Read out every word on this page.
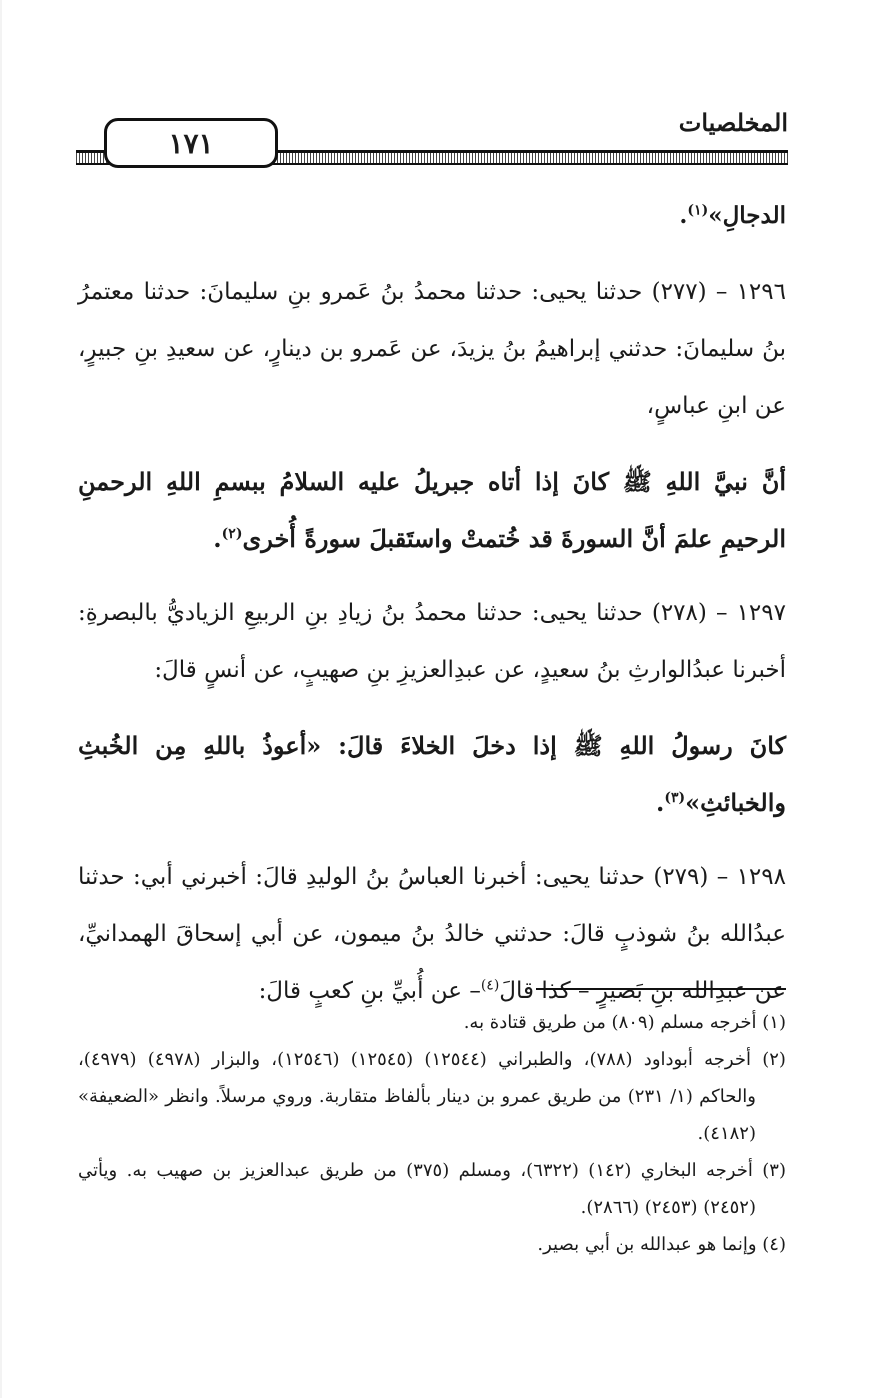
المخلصيات
١٧١

الدجالِ»$^{(١)}$.

١٢٩٦ – (٢٧٧) حدثنا يحيى: حدثنا محمدُ بنُ عَمرو بنِ سليمانَ: حدثنا معتمرُ بنُ سليمانَ: حدثني إبراهيمُ بنُ يزيدَ، عن عَمرو بن دينارٍ، عن سعيدِ بنِ جبيرٍ، عن ابنِ عباسٍ،

أنَّ نبيَّ اللهِ ﷺ كانَ إذا أتاه جبريلُ عليه السلامُ ببسمِ اللهِ الرحمنِ الرحيمِ علمَ أنَّ السورةَ قد خُتمتْ واستَقبلَ سورةً أُخرى$^{(٢)}$.

١٢٩٧ – (٢٧٨) حدثنا يحيى: حدثنا محمدُ بنُ زيادِ بنِ الربيعِ الزياديُّ بالبصرةِ: أخبرنا عبدُالوارثِ بنُ سعيدٍ، عن عبدِالعزيزِ بنِ صهيبٍ، عن أنسٍ قالَ:

كانَ رسولُ اللهِ ﷺ إذا دخلَ الخلاءَ قالَ: «أعوذُ باللهِ مِن الخُبثِ والخبائثِ»$^{(٣)}$.

١٢٩٨ – (٢٧٩) حدثنا يحيى: أخبرنا العباسُ بنُ الوليدِ قالَ: أخبرني أبي: حدثنا عبدُالله بنُ شوذبٍ قالَ: حدثني خالدُ بنُ ميمون، عن أبي إسحاقَ الهمدانيِّ، عن عبدِالله بنِ بَصيرٍ – كذا قالَ$^{(٤)}$– عن أُبيِّ بنِ كعبٍ قالَ:

(١) أخرجه مسلم (٨٠٩) من طريق قتادة به.

(٢) أخرجه أبوداود (٧٨٨)، والطبراني (١٢٥٤٤) (١٢٥٤٥) (١٢٥٤٦)، والبزار (٤٩٧٨) (٤٩٧٩)، والحاكم (١/ ٢٣١) من طريق عمرو بن دينار بألفاظ متقاربة. وروي مرسلاً. وانظر «الضعيفة» (٤١٨٢).

(٣) أخرجه البخاري (١٤٢) (٦٣٢٢)، ومسلم (٣٧٥) من طريق عبدالعزيز بن صهيب به. ويأتي (٢٤٥٢) (٢٤٥٣) (٢٨٦٦).

(٤) وإنما هو عبدالله بن أبي بصير.
